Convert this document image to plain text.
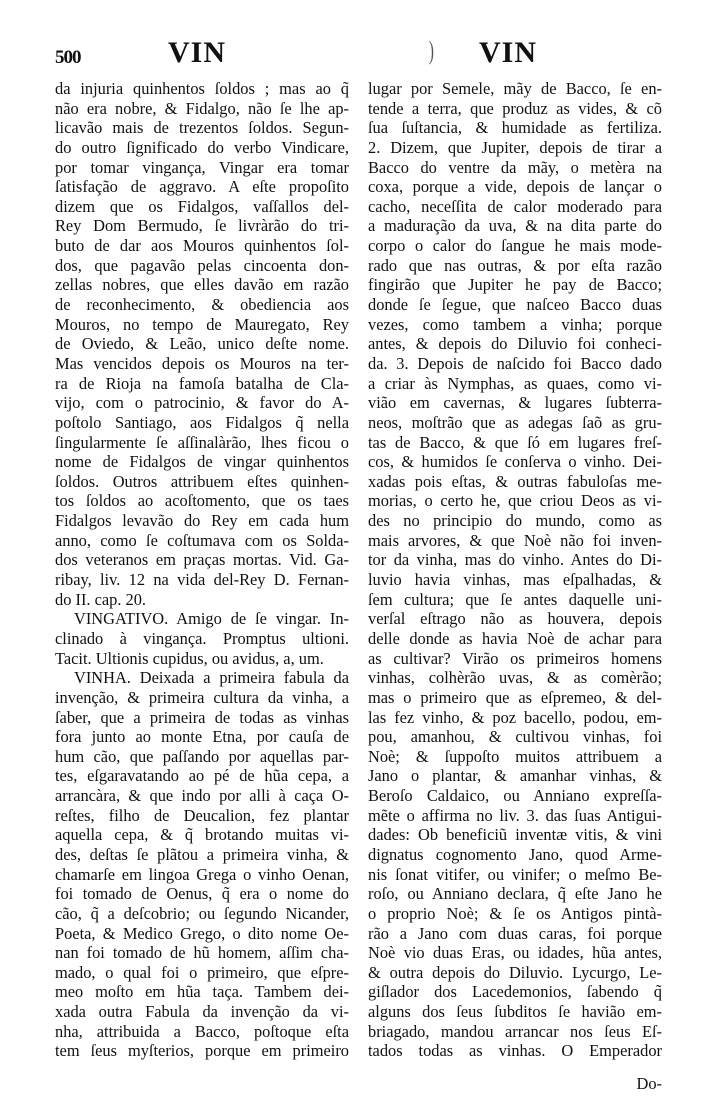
500	VIN	) VIN
da injuria quinhentos ſoldos ; mas ao q̃
não era nobre, & Fidalgo, não ſe lhe ap-
licavão mais de trezentos ſoldos. Segun-
do outro ſignificado do verbo Vindicare,
por tomar vingança, Vingar era tomar
ſatisfação de aggravo. A eſte propoſito
dizem que os Fidalgos, vaſſallos del-
Rey Dom Bermudo, ſe livràrão do tri-
buto de dar aos Mouros quinhentos ſol-
dos, que pagavão pelas cincoenta don-
zellas nobres, que elles davão em razão
de reconhecimento, & obediencia aos
Mouros, no tempo de Mauregato, Rey
de Oviedo, & Leão, unico deſte nome.
Mas vencidos depois os Mouros na ter-
ra de Rioja na famoſa batalha de Cla-
vijo, com o patrocinio, & favor do A-
poſtolo Santiago, aos Fidalgos q̃ nella
ſingularmente ſe aſſinalàrão, lhes ficou o
nome de Fidalgos de vingar quinhentos
ſoldos. Outros attribuem eſtes quinhen-
tos ſoldos ao acoſtomento, que os taes
Fidalgos levavão do Rey em cada hum
anno, como ſe coſtumava com os Solda-
dos veteranos em praças mortas. Vid. Ga-
ribay, liv. 12 na vida del-Rey D. Fernan-
do II. cap. 20.
VINGATIVO. Amigo de ſe vingar. In-
clinado à vingança. Promptus ultioni.
Tacit. Ultionis cupidus, ou avidus, a, um.
VINHA. Deixada a primeira fabula da
invenção, & primeira cultura da vinha, a
ſaber, que a primeira de todas as vinhas
fora junto ao monte Etna, por cauſa de
hum cão, que paſſando por aquellas par-
tes, eſgaravatando ao pé de hũa cepa, a
arrancàra, & que indo por alli à caça O-
reſtes, filho de Deucalion, fez plantar
aquella cepa, & q̃ brotando muitas vi-
des, deſtas ſe plãtou a primeira vinha, &
chamarſe em lingoa Grega o vinho Oenan,
foi tomado de Oenus, q̃ era o nome do
cão, q̃ a deſcobrio; ou ſegundo Nicander,
Poeta, & Medico Grego, o dito nome Oe-
nan foi tomado de hũ homem, aſſim cha-
mado, o qual foi o primeiro, que eſpre-
meo moſto em hũa taça. Tambem dei-
xada outra Fabula da invenção da vi-
nha, attribuida a Bacco, poſtoque eſta
tem ſeus myſterios, porque em primeiro
lugar por Semele, mãy de Bacco, ſe en-
tende a terra, que produz as vides, & cõ
ſua ſuſtancia, & humidade as fertiliza.
2. Dizem, que Jupiter, depois de tirar a
Bacco do ventre da mãy, o metèra na
coxa, porque a vide, depois de lançar o
cacho, neceſſita de calor moderado para
a maduração da uva, & na dita parte do
corpo o calor do ſangue he mais mode-
rado que nas outras, & por eſta razão
fingirão que Jupiter he pay de Bacco;
donde ſe ſegue, que naſceo Bacco duas
vezes, como tambem a vinha; porque
antes, & depois do Diluvio foi conheci-
da. 3. Depois de naſcido foi Bacco dado
a criar às Nymphas, as quaes, como vi-
vião em cavernas, & lugares ſubterra-
neos, moſtrão que as adegas ſaõ as gru-
tas de Bacco, & que ſó em lugares freſ-
cos, & humidos ſe conſerva o vinho. Dei-
xadas pois eſtas, & outras fabuloſas me-
morias, o certo he, que criou Deos as vi-
des no principio do mundo, como as
mais arvores, & que Noè não foi inven-
tor da vinha, mas do vinho. Antes do Di-
luvio havia vinhas, mas eſpalhadas, &
ſem cultura; que ſe antes daquelle uni-
verſal eſtrago não as houvera, depois
delle donde as havia Noè de achar para
as cultivar? Virão os primeiros homens
vinhas, colhèrão uvas, & as comèrão;
mas o primeiro que as eſpremeo, & del-
las fez vinho, & poz bacello, podou, em-
pou, amanhou, & cultivou vinhas, foi
Noè; & ſuppoſto muitos attribuem a
Jano o plantar, & amanhar vinhas, &
Beroſo Caldaico, ou Anniano expreſſa-
mẽte o affirma no liv. 3. das ſuas Antigui-
dades: Ob beneficiũ inventæ vitis, & vini
dignatus cognomento Jano, quod Arme-
nis ſonat vitifer, ou vinifer; o meſmo Be-
roſo, ou Anniano declara, q̃ eſte Jano he
o proprio Noè; & ſe os Antigos pintà-
rão a Jano com duas caras, foi porque
Noè vio duas Eras, ou idades, hũa antes,
& outra depois do Diluvio. Lycurgo, Le-
giſlador dos Lacedemonios, ſabendo q̃
alguns dos ſeus ſubditos ſe havião em-
briagado, mandou arrancar nos ſeus Eſ-
tados todas as vinhas. O Emperador
Do-
